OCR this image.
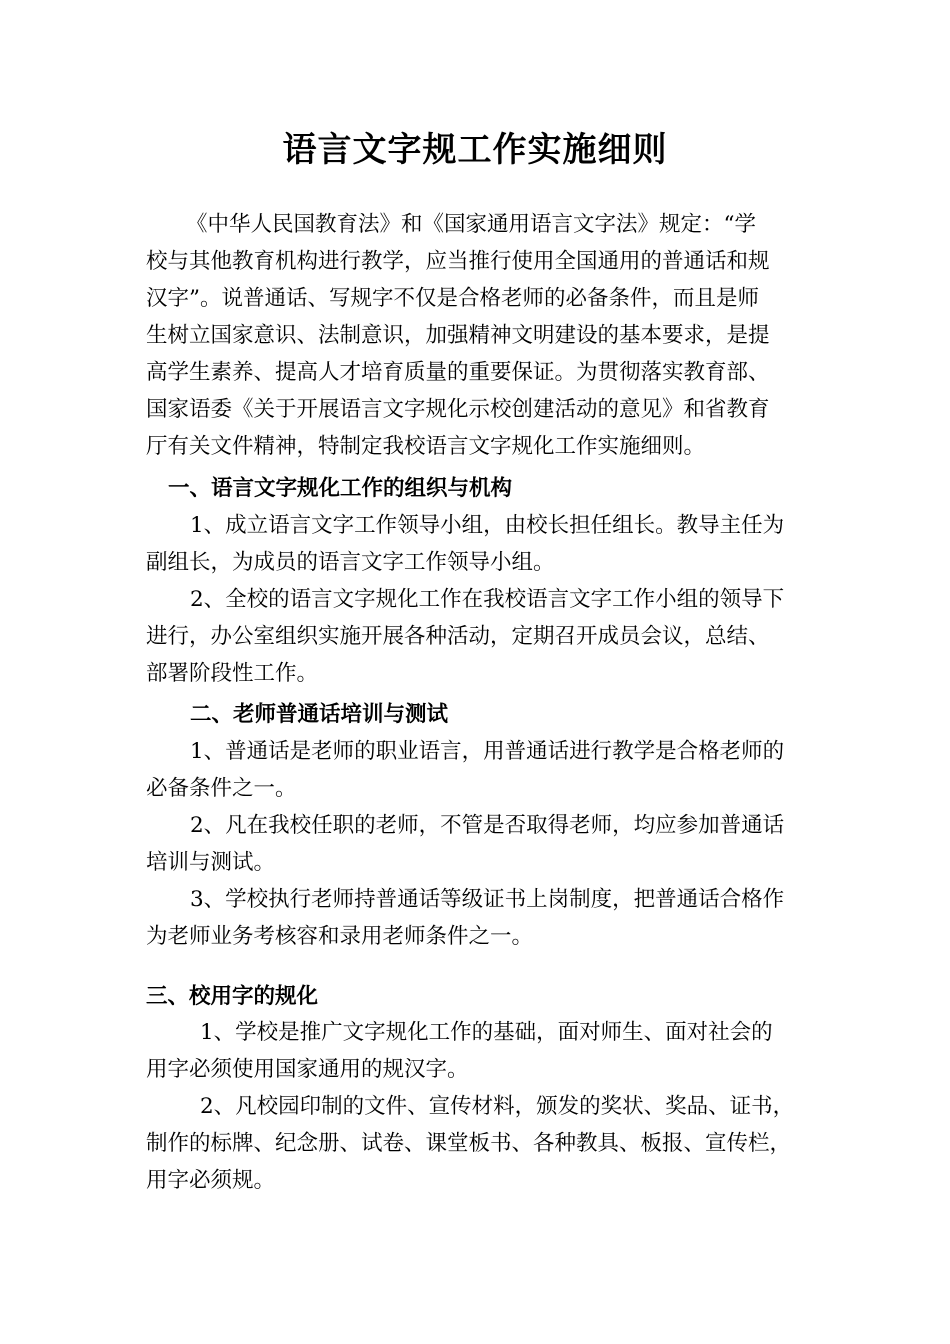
语言文字规工作实施细则
《中华人民国教育法》和《国家通用语言文字法》规定：“学
校与其他教育机构进行教学，应当推行使用全国通用的普通话和规
汉字”。说普通话、写规字不仅是合格老师的必备条件，而且是师
生树立国家意识、法制意识，加强精神文明建设的基本要求，是提
高学生素养、提高人才培育质量的重要保证。为贯彻落实教育部、
国家语委《关于开展语言文字规化示校创建活动的意见》和省教育
厅有关文件精神，特制定我校语言文字规化工作实施细则。
一、语言文字规化工作的组织与机构
1、成立语言文字工作领导小组，由校长担任组长。教导主任为
副组长，为成员的语言文字工作领导小组。
2、全校的语言文字规化工作在我校语言文字工作小组的领导下
进行，办公室组织实施开展各种活动，定期召开成员会议，总结、
部署阶段性工作。
二、老师普通话培训与测试
1、普通话是老师的职业语言，用普通话进行教学是合格老师的
必备条件之一。
2、凡在我校任职的老师，不管是否取得老师，均应参加普通话
培训与测试。
3、学校执行老师持普通话等级证书上岗制度，把普通话合格作
为老师业务考核容和录用老师条件之一。
三、校用字的规化
1、学校是推广文字规化工作的基础，面对师生、面对社会的
用字必须使用国家通用的规汉字。
2、凡校园印制的文件、宣传材料，颁发的奖状、奖品、证书，
制作的标牌、纪念册、试卷、课堂板书、各种教具、板报、宣传栏，
用字必须规。
